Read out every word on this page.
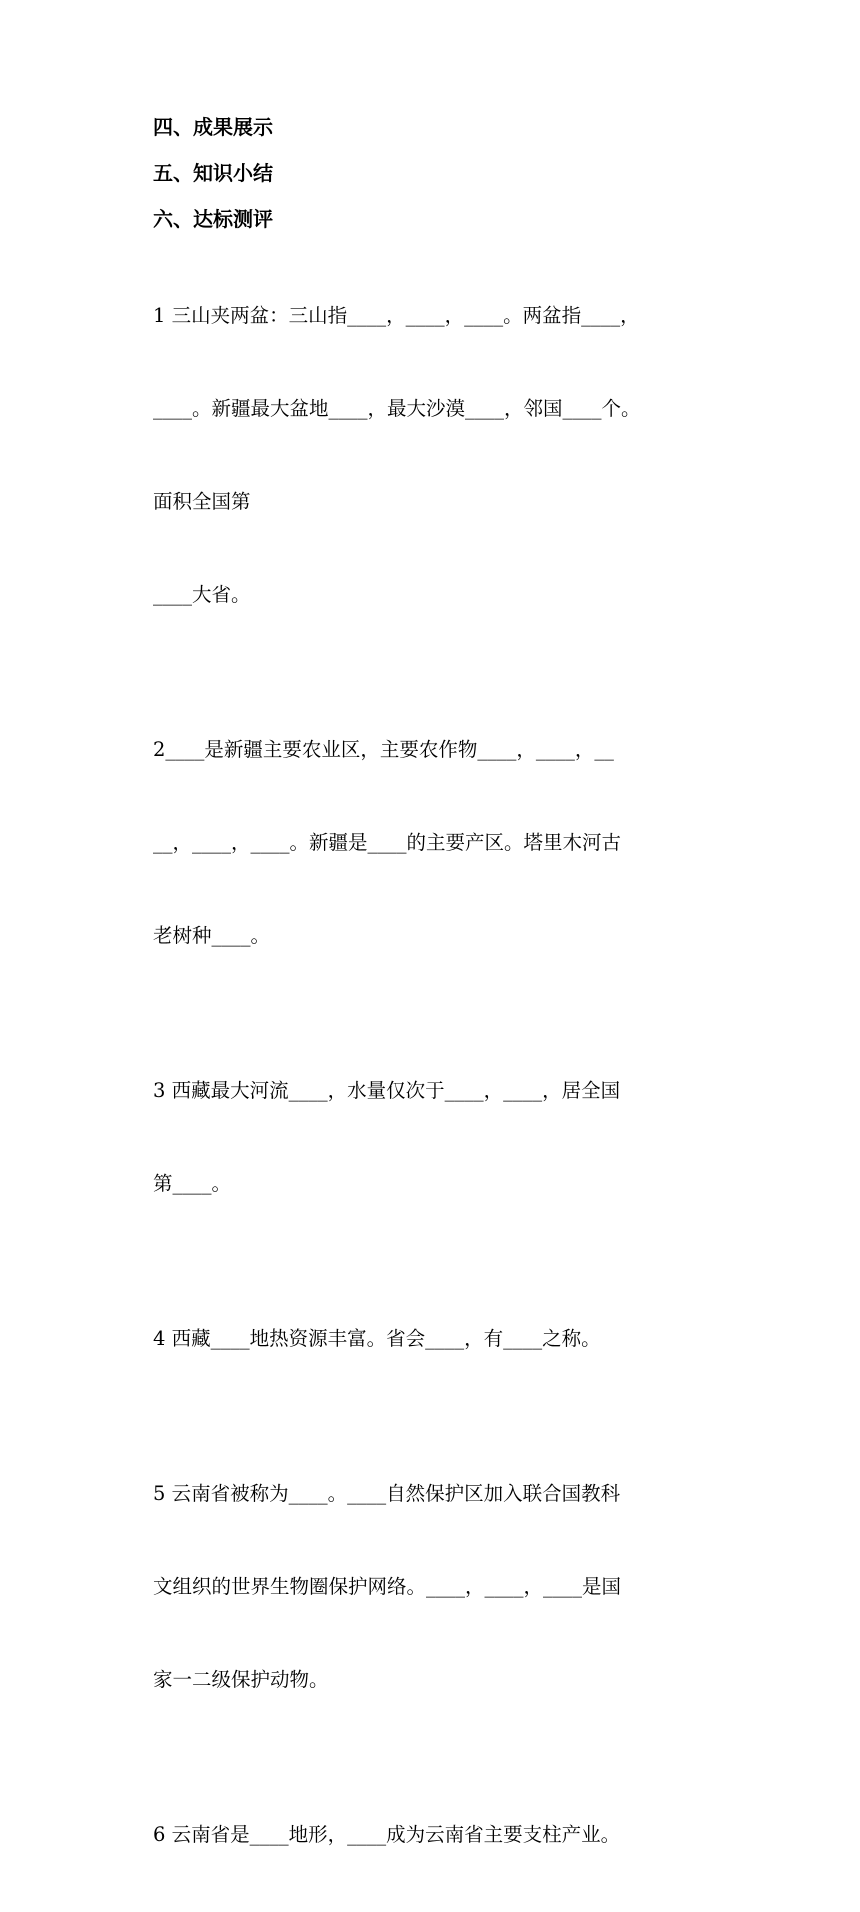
四、成果展示
五、知识小结
六、达标测评

1 三山夹两盆：三山指____，____，____。两盆指____，

____。新疆最大盆地____，最大沙漠____，邻国____个。

面积全国第

____大省。

2____是新疆主要农业区，主要农作物____，____，__

__，____，____。新疆是____的主要产区。塔里木河古

老树种____。

3 西藏最大河流____，水量仅次于____，____，居全国

第____。

4 西藏____地热资源丰富。省会____，有____之称。

5 云南省被称为____。____自然保护区加入联合国教科

文组织的世界生物圈保护网络。____，____，____是国

家一二级保护动物。

6 云南省是____地形，____成为云南省主要支柱产业。
